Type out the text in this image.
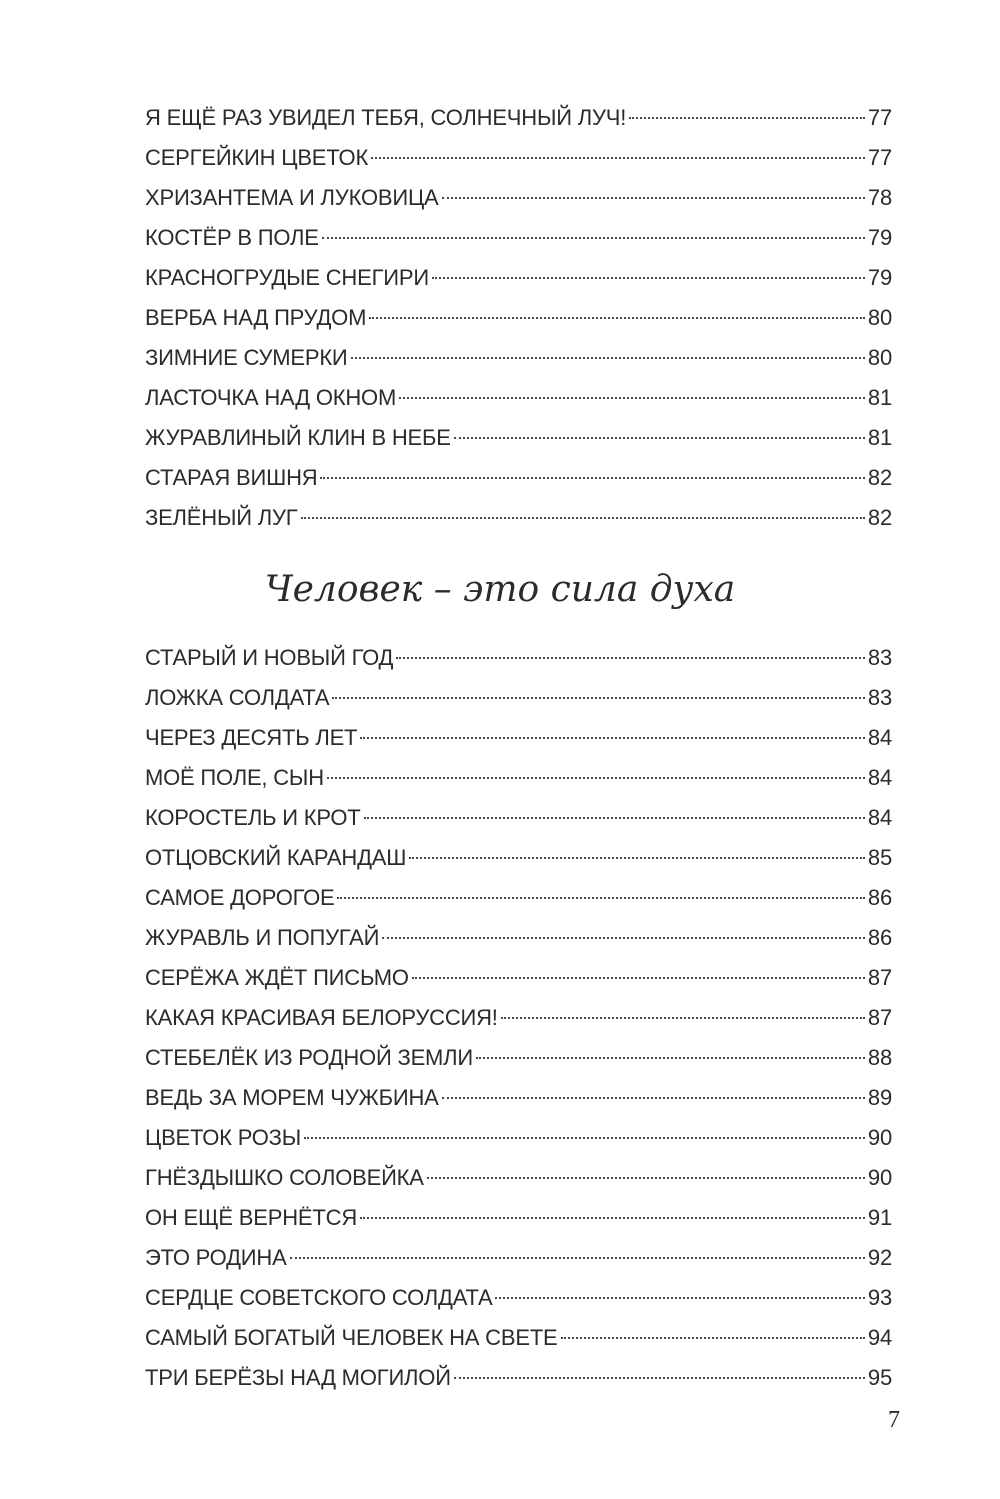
Я ЕЩЁ РАЗ УВИДЕЛ ТЕБЯ, СОЛНЕЧНЫЙ ЛУЧ!	77
СЕРГЕЙКИН ЦВЕТОК	77
ХРИЗАНТЕМА И ЛУКОВИЦА	78
КОСТЁР В ПОЛЕ	79
КРАСНОГРУДЫЕ СНЕГИРИ	79
ВЕРБА НАД ПРУДОМ	80
ЗИМНИЕ СУМЕРКИ	80
ЛАСТОЧКА НАД ОКНОМ	81
ЖУРАВЛИНЫЙ КЛИН В НЕБЕ	81
СТАРАЯ ВИШНЯ	82
ЗЕЛЁНЫЙ ЛУГ	82
Человек – это сила духа
СТАРЫЙ И НОВЫЙ ГОД	83
ЛОЖКА СОЛДАТА	83
ЧЕРЕЗ ДЕСЯТЬ ЛЕТ	84
МОЁ ПОЛЕ, СЫН	84
КОРОСТЕЛЬ И КРОТ	84
ОТЦОВСКИЙ КАРАНДАШ	85
САМОЕ ДОРОГОЕ	86
ЖУРАВЛЬ И ПОПУГАЙ	86
СЕРЁЖА ЖДЁТ ПИСЬМО	87
КАКАЯ КРАСИВАЯ БЕЛОРУССИЯ!	87
СТЕБЕЛЁК ИЗ РОДНОЙ ЗЕМЛИ	88
ВЕДЬ ЗА МОРЕМ ЧУЖБИНА	89
ЦВЕТОК РОЗЫ	90
ГНЁЗДЫШКО СОЛОВЕЙКА	90
ОН ЕЩЁ ВЕРНЁТСЯ	91
ЭТО РОДИНА	92
СЕРДЦЕ СОВЕТСКОГО СОЛДАТА	93
САМЫЙ БОГАТЫЙ ЧЕЛОВЕК НА СВЕТЕ	94
ТРИ БЕРЁЗЫ НАД МОГИЛОЙ	95
7
